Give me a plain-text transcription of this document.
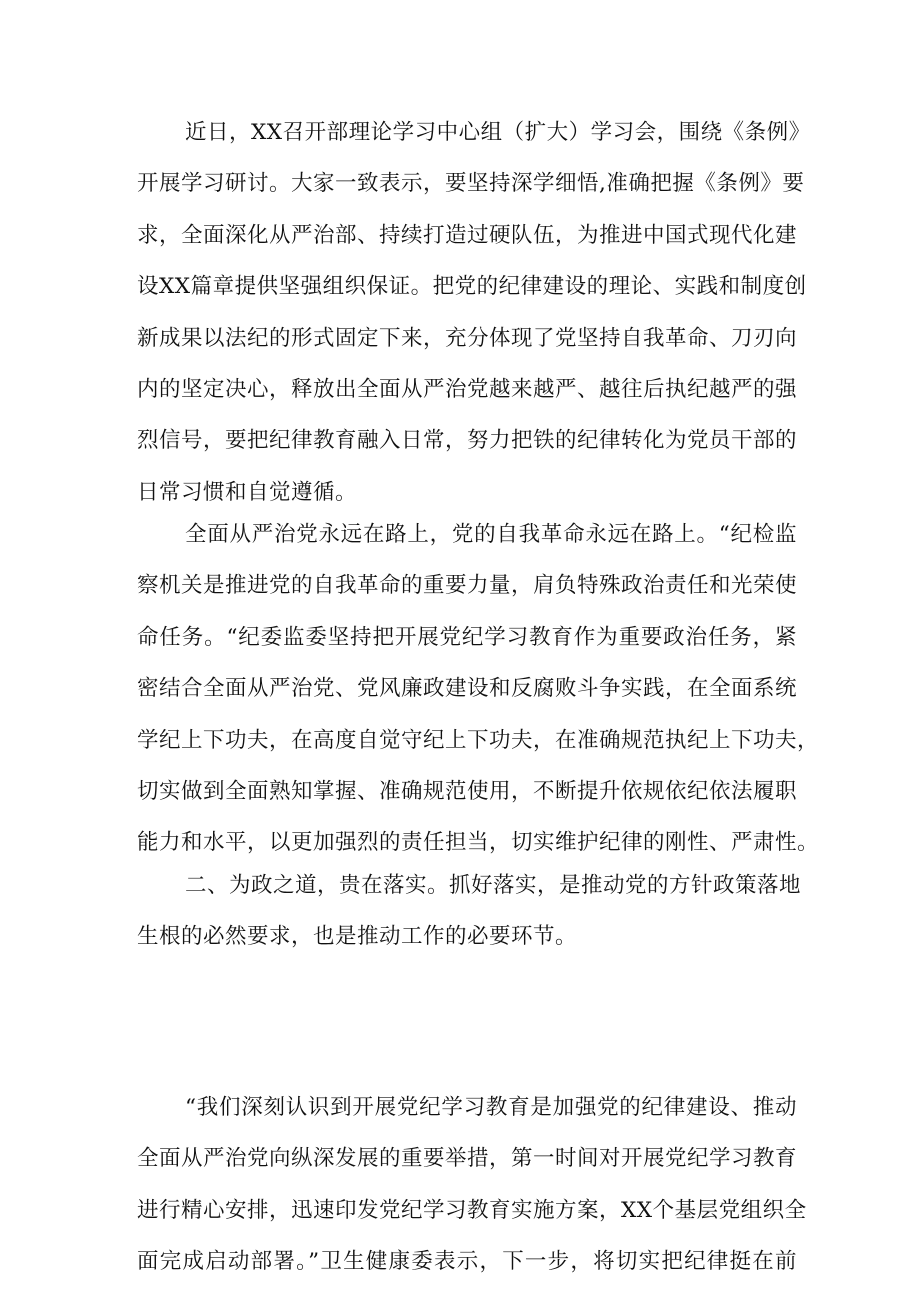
近日，XX召开部理论学习中心组（扩大）学习会，围绕《条例》
开展学习研讨。大家一致表示，要坚持深学细悟,准确把握《条例》要
求，全面深化从严治部、持续打造过硬队伍，为推进中国式现代化建
设XX篇章提供坚强组织保证。把党的纪律建设的理论、实践和制度创
新成果以法纪的形式固定下来，充分体现了党坚持自我革命、刀刃向
内的坚定决心，释放出全面从严治党越来越严、越往后执纪越严的强
烈信号，要把纪律教育融入日常，努力把铁的纪律转化为党员干部的
日常习惯和自觉遵循。

全面从严治党永远在路上，党的自我革命永远在路上。“纪检监
察机关是推进党的自我革命的重要力量，肩负特殊政治责任和光荣使
命任务。“纪委监委坚持把开展党纪学习教育作为重要政治任务，紧
密结合全面从严治党、党风廉政建设和反腐败斗争实践，在全面系统
学纪上下功夫，在高度自觉守纪上下功夫，在准确规范执纪上下功夫，
切实做到全面熟知掌握、准确规范使用，不断提升依规依纪依法履职
能力和水平，以更加强烈的责任担当，切实维护纪律的刚性、严肃性。

二、为政之道，贵在落实。抓好落实，是推动党的方针政策落地
生根的必然要求，也是推动工作的必要环节。

“我们深刻认识到开展党纪学习教育是加强党的纪律建设、推动
全面从严治党向纵深发展的重要举措，第一时间对开展党纪学习教育
进行精心安排，迅速印发党纪学习教育实施方案，XX个基层党组织全
面完成启动部署。”卫生健康委表示，下一步，将切实把纪律挺在前
